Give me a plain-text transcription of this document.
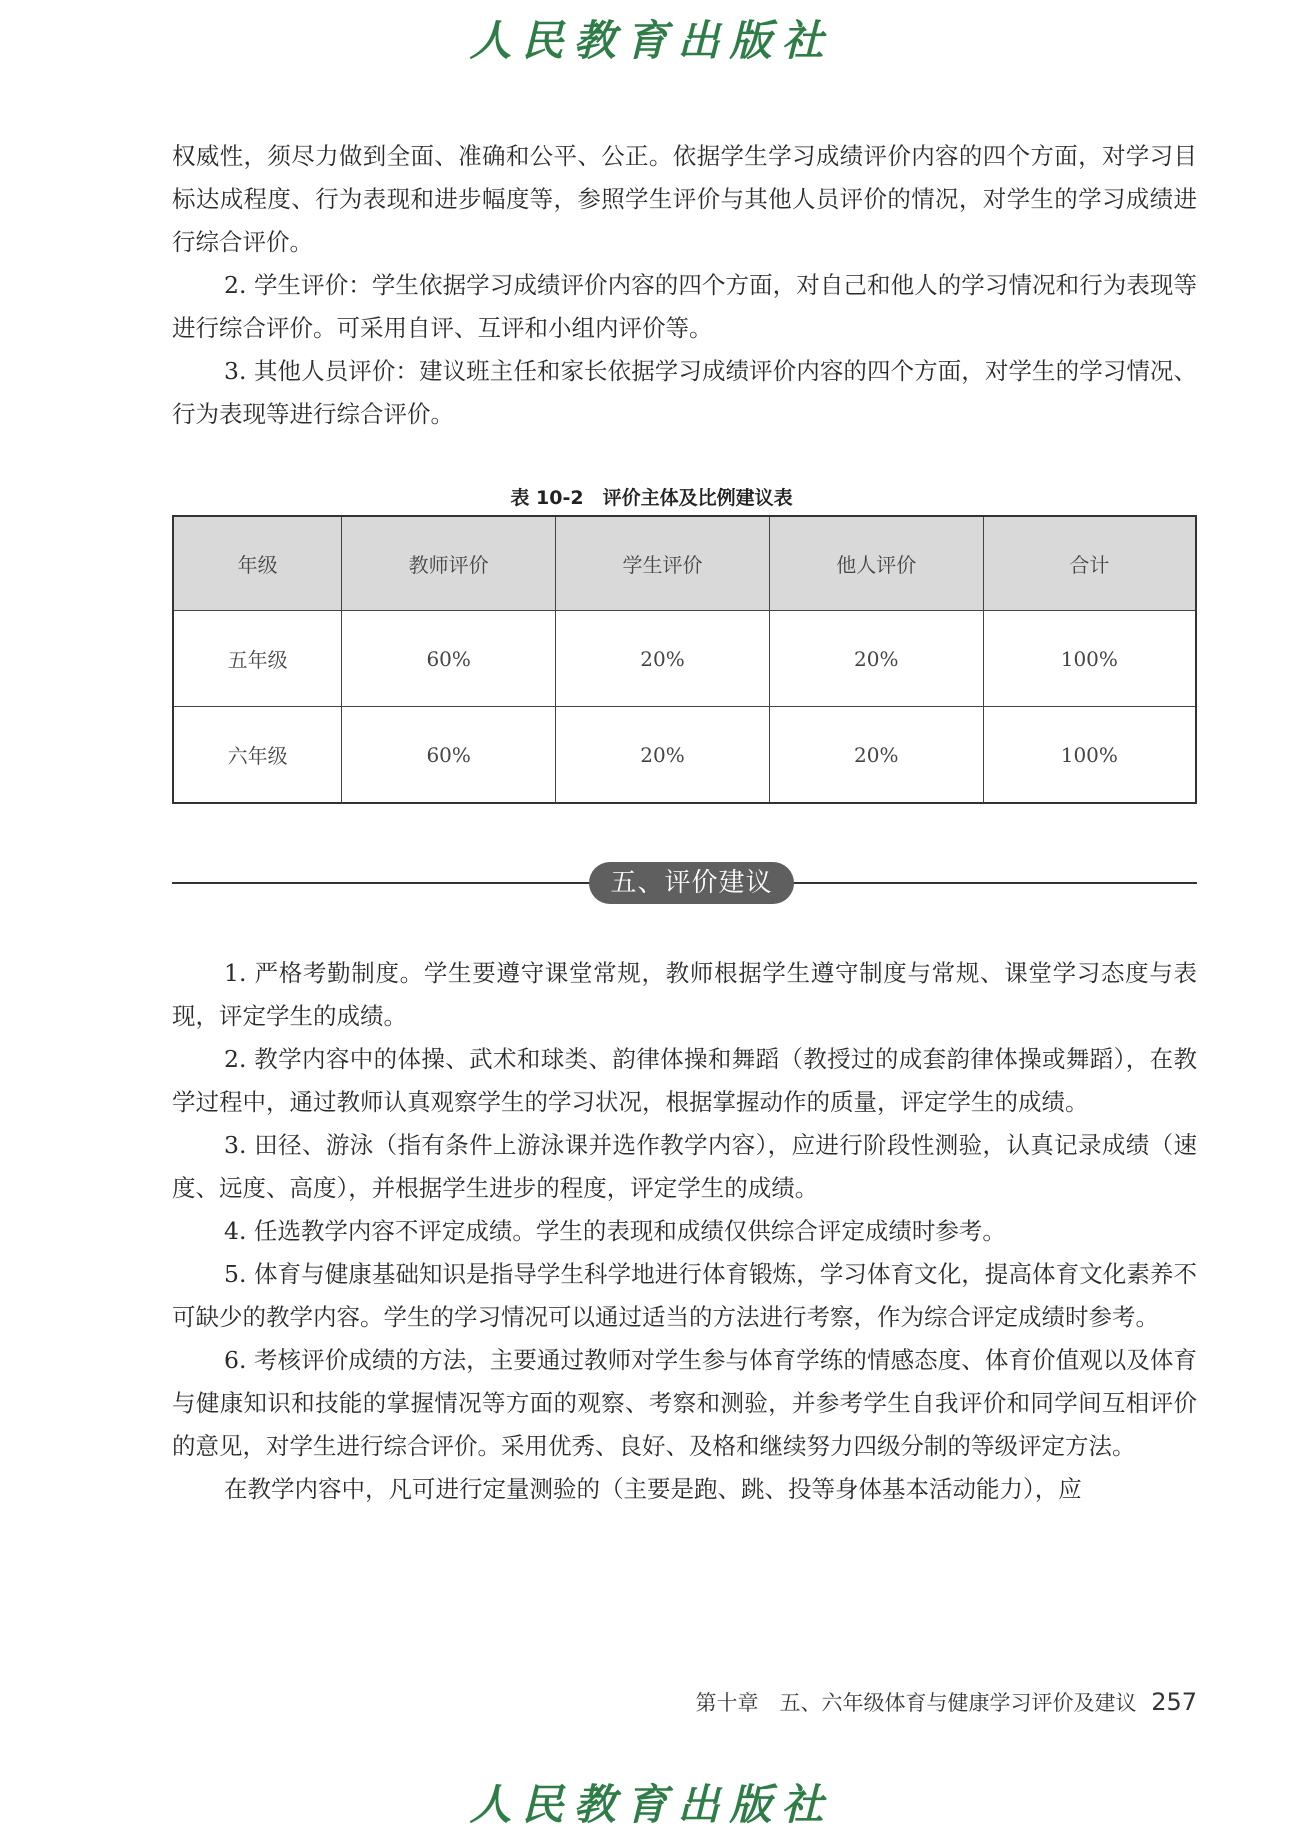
人民教育出版社

权威性，须尽力做到全面、准确和公平、公正。依据学生学习成绩评价内容的四个方面，对学习目标达成程度、行为表现和进步幅度等，参照学生评价与其他人员评价的情况，对学生的学习成绩进行综合评价。

2. 学生评价：学生依据学习成绩评价内容的四个方面，对自己和他人的学习情况和行为表现等进行综合评价。可采用自评、互评和小组内评价等。

3. 其他人员评价：建议班主任和家长依据学习成绩评价内容的四个方面，对学生的学习情况、行为表现等进行综合评价。

表 10-2　评价主体及比例建议表
年级	教师评价	学生评价	他人评价	合计
五年级	60%	20%	20%	100%
六年级	60%	20%	20%	100%
五、评价建议

1. 严格考勤制度。学生要遵守课堂常规，教师根据学生遵守制度与常规、课堂学习态度与表现，评定学生的成绩。

2. 教学内容中的体操、武术和球类、韵律体操和舞蹈（教授过的成套韵律体操或舞蹈），在教学过程中，通过教师认真观察学生的学习状况，根据掌握动作的质量，评定学生的成绩。

3. 田径、游泳（指有条件上游泳课并选作教学内容），应进行阶段性测验，认真记录成绩（速度、远度、高度），并根据学生进步的程度，评定学生的成绩。

4. 任选教学内容不评定成绩。学生的表现和成绩仅供综合评定成绩时参考。

5. 体育与健康基础知识是指导学生科学地进行体育锻炼，学习体育文化，提高体育文化素养不可缺少的教学内容。学生的学习情况可以通过适当的方法进行考察，作为综合评定成绩时参考。

6. 考核评价成绩的方法，主要通过教师对学生参与体育学练的情感态度、体育价值观以及体育与健康知识和技能的掌握情况等方面的观察、考察和测验，并参考学生自我评价和同学间互相评价的意见，对学生进行综合评价。采用优秀、良好、及格和继续努力四级分制的等级评定方法。

在教学内容中，凡可进行定量测验的（主要是跑、跳、投等身体基本活动能力），应

第十章　五、六年级体育与健康学习评价及建议 257
人民教育出版社
